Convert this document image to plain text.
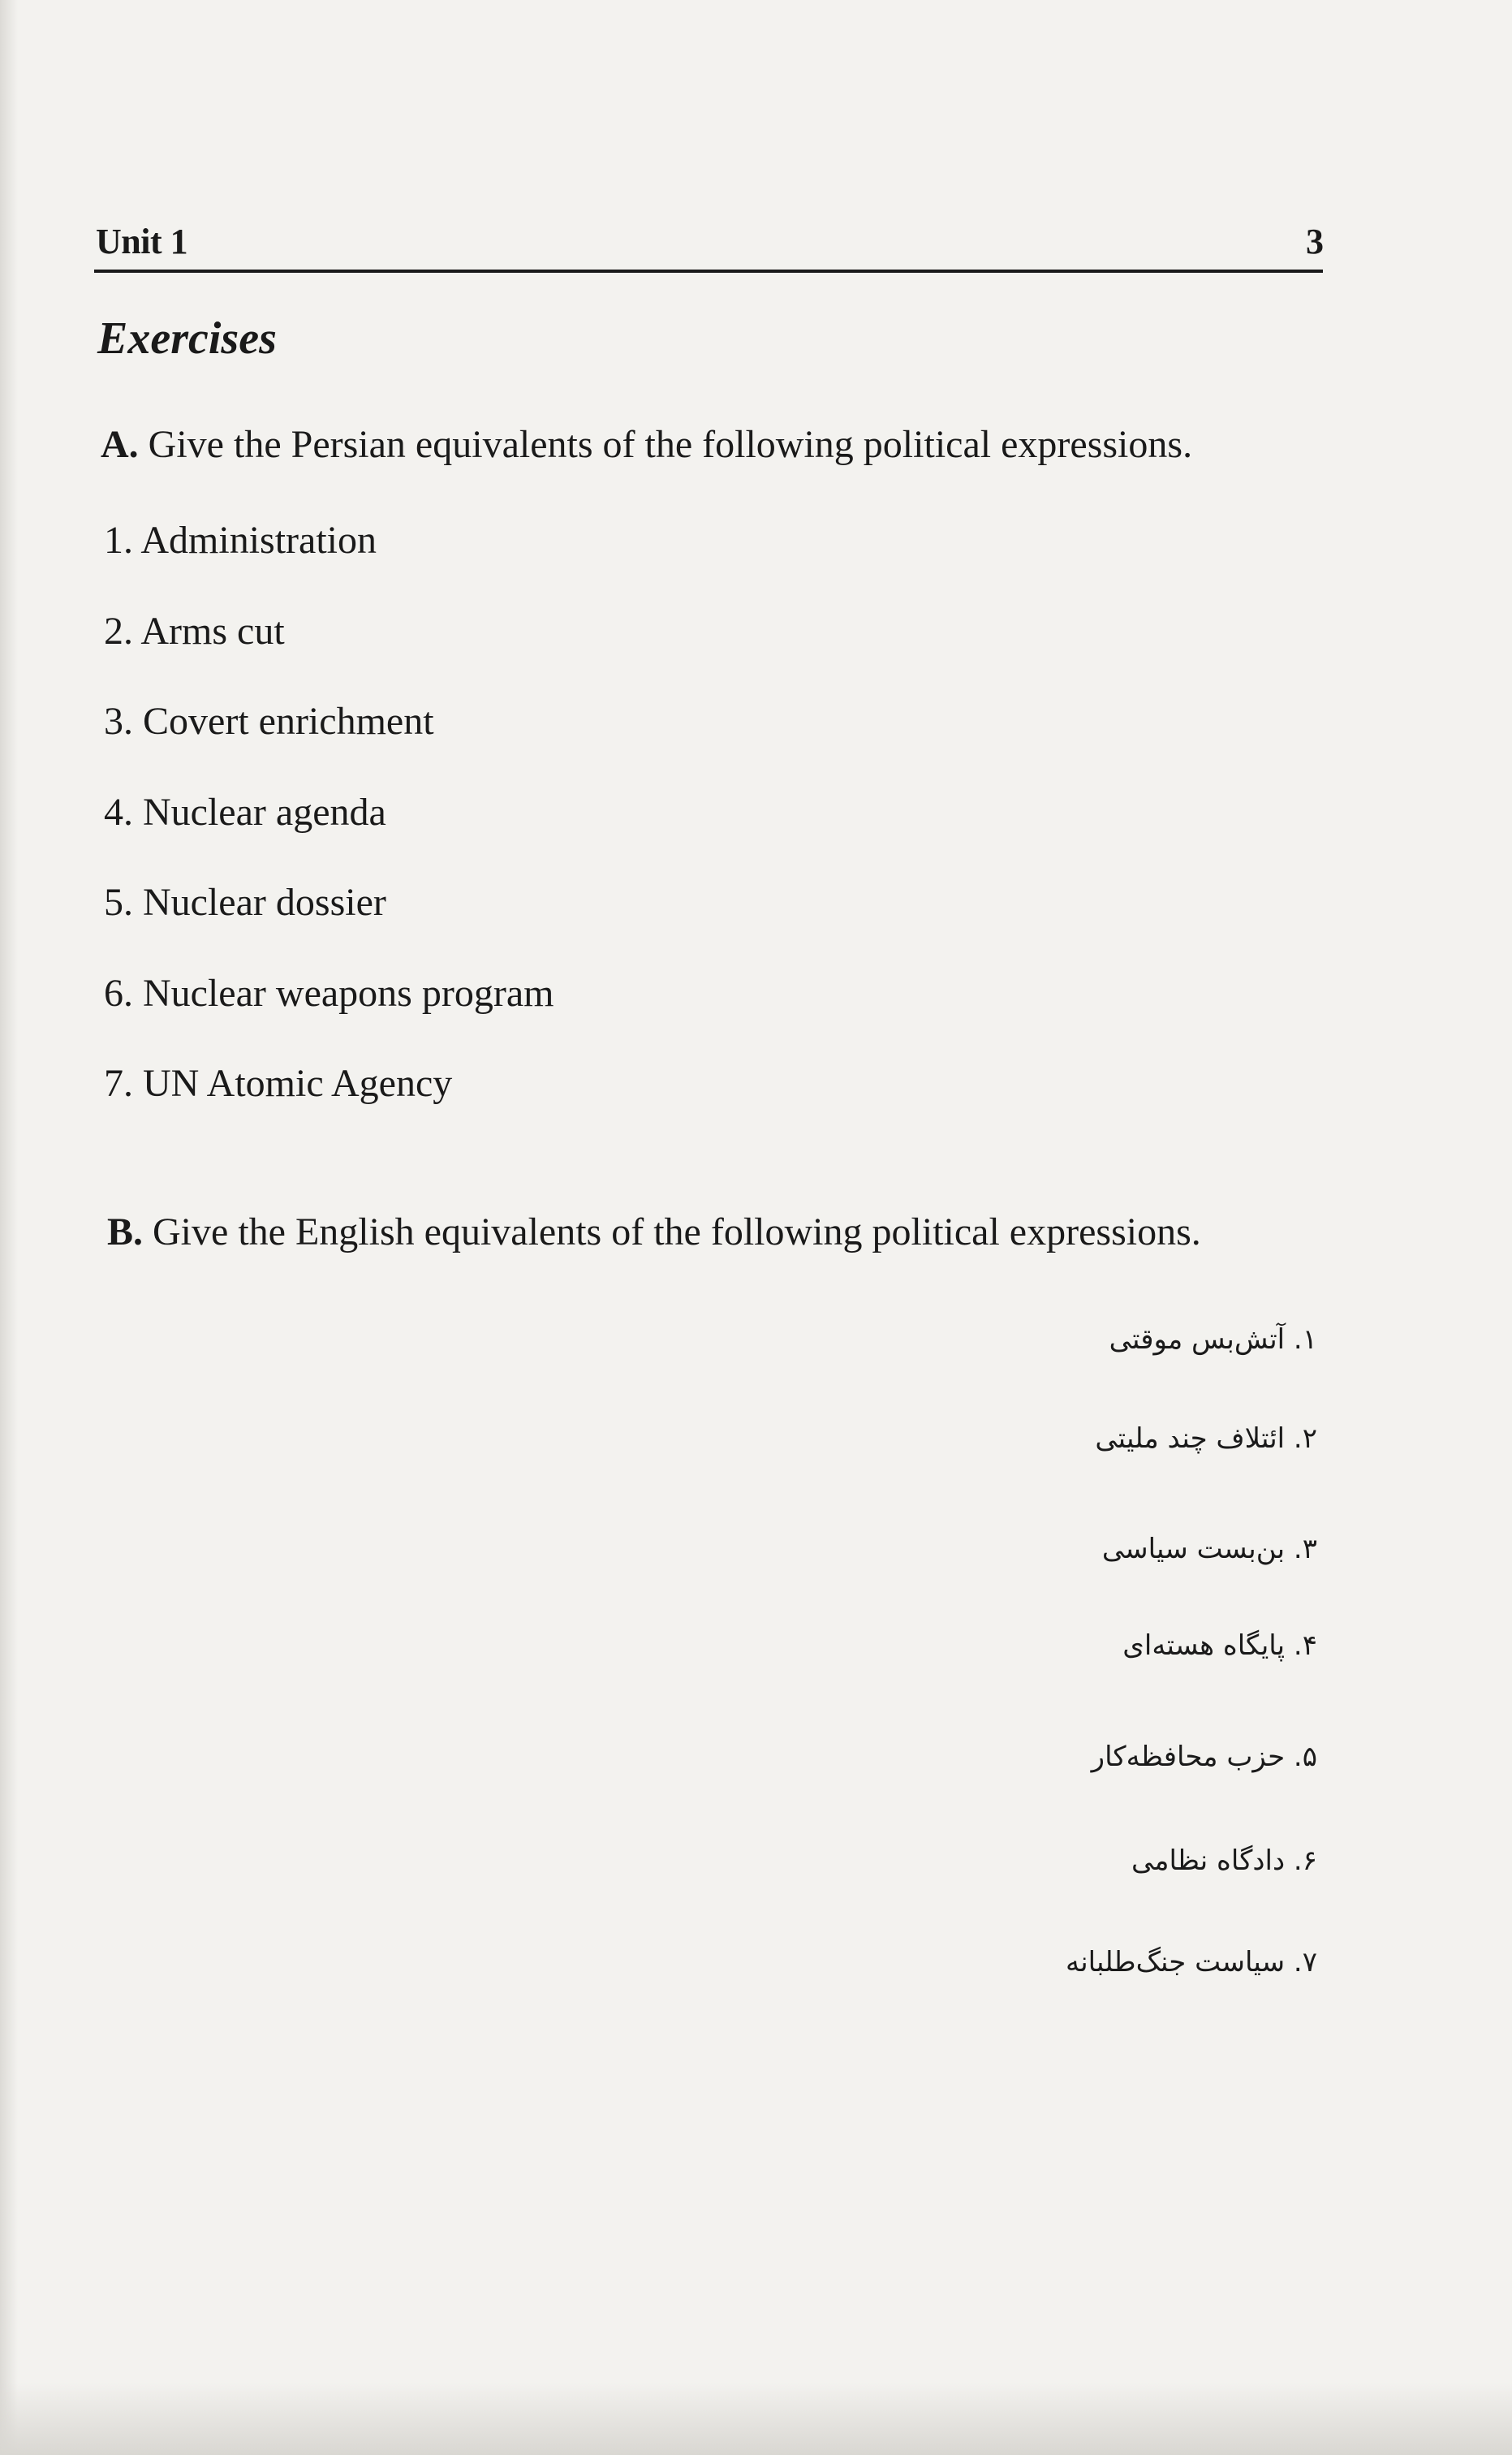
Unit 1	3
Exercises
A. Give the Persian equivalents of the following political expressions.
1. Administration
2. Arms cut
3. Covert enrichment
4. Nuclear agenda
5. Nuclear dossier
6. Nuclear weapons program
7. UN Atomic Agency
B. Give the English equivalents of the following political expressions.
۱. آتش‌بس موقتی
۲. ائتلاف چند ملیتی
۳. بن‌بست سیاسی
۴. پایگاه هسته‌ای
۵. حزب محافظه‌کار
۶. دادگاه نظامی
۷. سیاست جنگ‌طلبانه
